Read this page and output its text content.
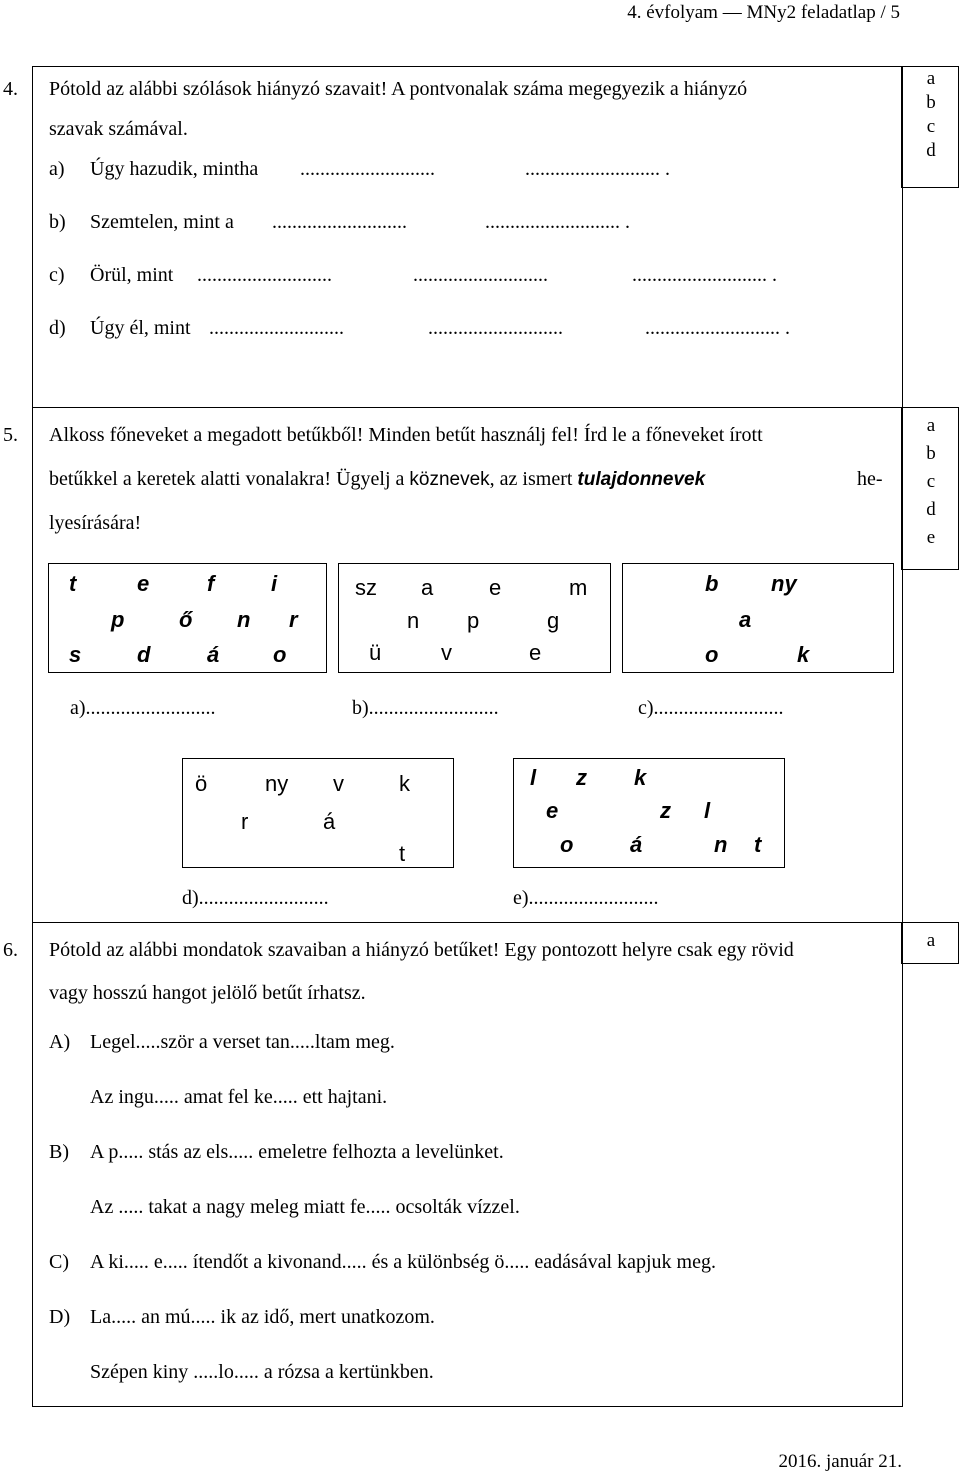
4. évfolyam — MNy2 feladatlap / 5
a
b
c
d
a
b
c
d
e
a
4. Pótold az alábbi szólások hiányzó szavait! A pontvonalak száma megegyezik a hiányzó
szavak számával.
a) Úgy hazudik, mintha ...........................	........................... .
b) Szemtelen, mint a ...........................	........................... .
c) Örül, mint ...........................	...........................	........................... .
d) Úgy él, mint ...........................	...........................	........................... .
5. Alkoss főneveket a megadott betűkből! Minden betűt használj fel! Írd le a főneveket írott
betűkkel a keretek alatti vonalakra! Ügyelj a köznevek, az ismert tulajdonnevek	he-
lyesírására!
t	e	f	i
p ő n r
s	d	á o
sz a	e	m
n p	g
ü	v	e
b ny
a
o	k
a)..........................	b)..........................	c)..........................
ö	ny v	k
r	á
t
l z k
e	z l
o	á	n t
d)..........................	e)..........................
6. Pótold az alábbi mondatok szavaiban a hiányzó betűket! Egy pontozott helyre csak egy rövid
vagy hosszú hangot jelölő betűt írhatsz.
A) Legel.....ször a verset tan.....ltam meg.
Az ingu..... amat fel ke..... ett hajtani.
B) A p..... stás az els..... emeletre felhozta a levelünket.
Az ..... takat a nagy meleg miatt fe..... ocsolták vízzel.
C) A ki..... e..... ítendőt a kivonand..... és a különbség ö..... eadásával kapjuk meg.
D) La..... an mú..... ik az idő, mert unatkozom.
Szépen kiny .....lo..... a rózsa a kertünkben.
2016. január 21.
